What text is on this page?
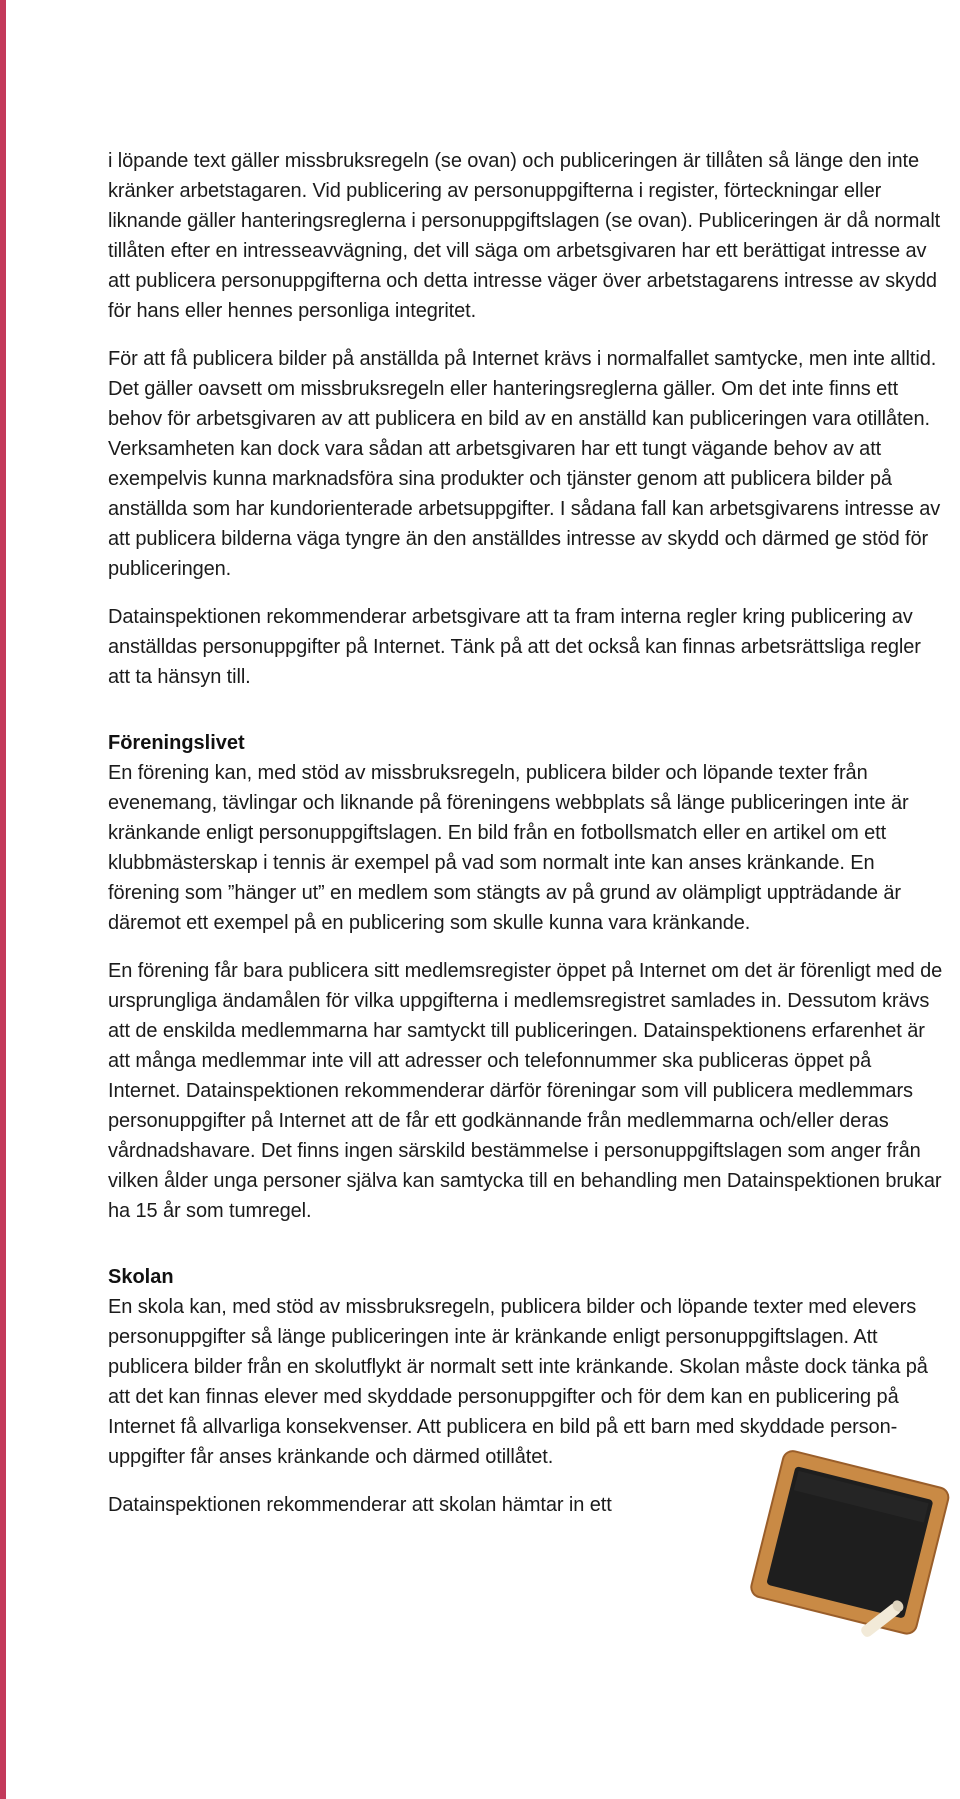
i löpande text gäller missbruksregeln (se ovan) och publiceringen är tillåten så länge den inte kränker arbetstagaren. Vid publicering av personuppgifterna i register, förteckningar eller liknande gäller hanteringsreglerna i personuppgiftslagen (se ovan). Publiceringen är då normalt tillåten efter en intresseavvägning, det vill säga om arbetsgivaren har ett berättigat intresse av att publicera personuppgifterna och detta intresse väger över arbetstagarens intresse av skydd för hans eller hennes personliga integritet.

För att få publicera bilder på anställda på Internet krävs i normalfallet samtycke, men inte alltid. Det gäller oavsett om missbruksregeln eller hanteringsreglerna gäller. Om det inte finns ett behov för arbetsgivaren av att publicera en bild av en anställd kan publiceringen vara otillåten. Verksamheten kan dock vara sådan att arbetsgivaren har ett tungt vägande behov av att exempelvis kunna marknadsföra sina produkter och tjänster genom att publicera bilder på anställda som har kundorienterade arbetsuppgifter. I sådana fall kan arbetsgivarens intresse av att publicera bilderna väga tyngre än den anställdes intresse av skydd och därmed ge stöd för publiceringen.

Datainspektionen rekommenderar arbetsgivare att ta fram interna regler kring publicering av anställdas personuppgifter på Internet. Tänk på att det också kan finnas arbetsrättsliga regler att ta hänsyn till.

Föreningslivet

En förening kan, med stöd av missbruksregeln, publicera bilder och löpande texter från evenemang, tävlingar och liknande på föreningens webbplats så länge publiceringen inte är kränkande enligt personuppgiftslagen. En bild från en fotbollsmatch eller en artikel om ett klubbmästerskap i tennis är exempel på vad som normalt inte kan anses kränkande. En förening som ”hänger ut” en medlem som stängts av på grund av olämpligt uppträdande är däremot ett exempel på en publicering som skulle kunna vara kränkande.

En förening får bara publicera sitt medlemsregister öppet på Internet om det är förenligt med de ursprungliga ändamålen för vilka uppgifterna i medlemsregistret samlades in. Dessutom krävs att de enskilda medlemmarna har samtyckt till publiceringen. Datainspektionens erfarenhet är att många medlemmar inte vill att adresser och telefonnummer ska publiceras öppet på Internet. Datainspektionen rekommenderar därför föreningar som vill publicera medlemmars personuppgifter på Internet att de får ett godkännande från medlemmarna och/eller deras vårdnadshavare. Det finns ingen särskild bestämmelse i personuppgiftslagen som anger från vilken ålder unga personer själva kan samtycka till en behandling men Datainspektionen brukar ha 15 år som tumregel.

Skolan

En skola kan, med stöd av missbruksregeln, publicera bilder och löpande texter med elevers personuppgifter så länge publiceringen inte är kränkande enligt personuppgiftslagen. Att publicera bilder från en skolutflykt är normalt sett inte kränkande. Skolan måste dock tänka på att det kan finnas elever med skyddade personuppgifter och för dem kan en publicering på Internet få allvarliga konsekvenser. Att publicera en bild på ett barn med skyddade personuppgifter får anses kränkande och därmed otillåtet.

Datainspektionen rekommenderar att skolan hämtar in ett
